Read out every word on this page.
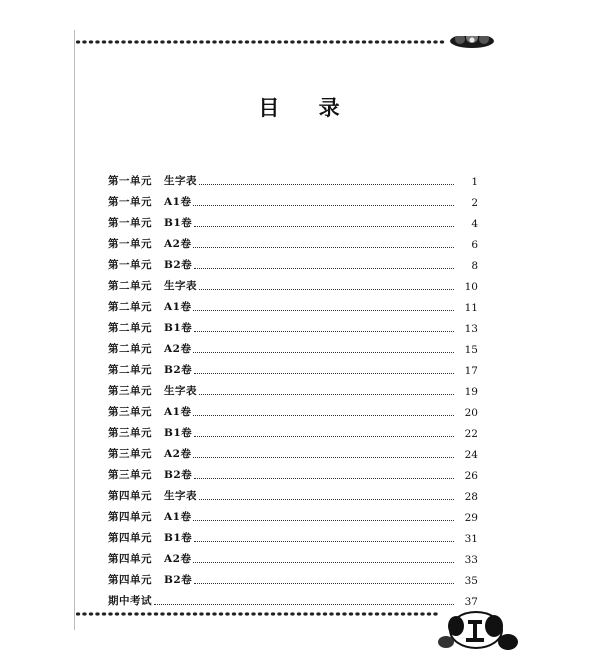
目 录
第一单元	生字表	1
第一单元	A1卷	2
第一单元	B1卷	4
第一单元	A2卷	6
第一单元	B2卷	8
第二单元	生字表	10
第二单元	A1卷	11
第二单元	B1卷	13
第二单元	A2卷	15
第二单元	B2卷	17
第三单元	生字表	19
第三单元	A1卷	20
第三单元	B1卷	22
第三单元	A2卷	24
第三单元	B2卷	26
第四单元	生字表	28
第四单元	A1卷	29
第四单元	B1卷	31
第四单元	A2卷	33
第四单元	B2卷	35
期中考试	37
